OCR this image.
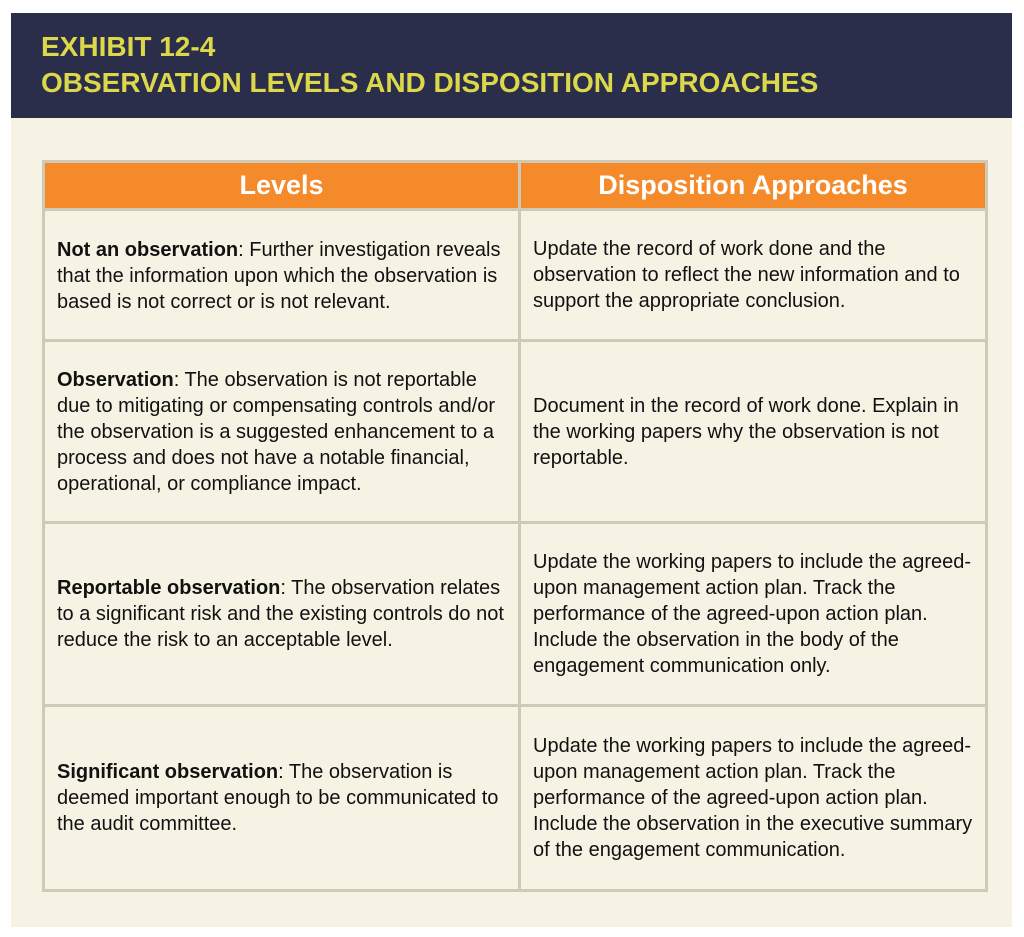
EXHIBIT 12-4
OBSERVATION LEVELS AND DISPOSITION APPROACHES
Levels	Disposition Approaches
Not an observation: Further investigation reveals that the information upon which the observation is based is not correct or is not relevant.
Update the record of work done and the observation to reflect the new information and to support the appropriate conclusion.
Observation: The observation is not reportable due to mitigating or compensating controls and/or the observation is a suggested enhancement to a process and does not have a notable financial, operational, or compliance impact.
Document in the record of work done. Explain in the working papers why the observation is not reportable.
Reportable observation: The observation relates to a significant risk and the existing controls do not reduce the risk to an acceptable level.
Update the working papers to include the agreed-upon management action plan. Track the performance of the agreed-upon action plan. Include the observation in the body of the engagement communication only.
Significant observation: The observation is deemed important enough to be communicated to the audit committee.
Update the working papers to include the agreed-upon management action plan. Track the performance of the agreed-upon action plan. Include the observation in the executive summary of the engagement communication.
